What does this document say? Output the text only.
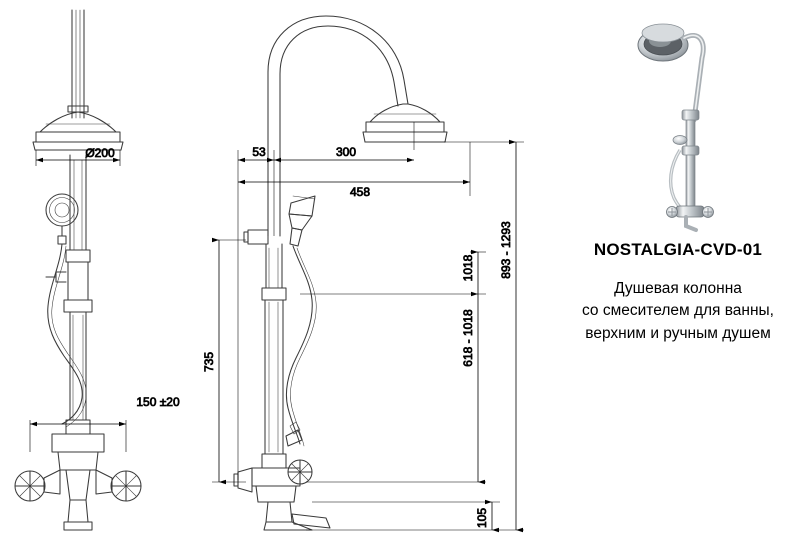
Ø200
150 ±20
53	300
458
735	618 - 1018
1018 893 - 1293
105
NOSTALGIA-CVD-01
Душевая колонна
со смесителем для ванны,
верхним и ручным душем
